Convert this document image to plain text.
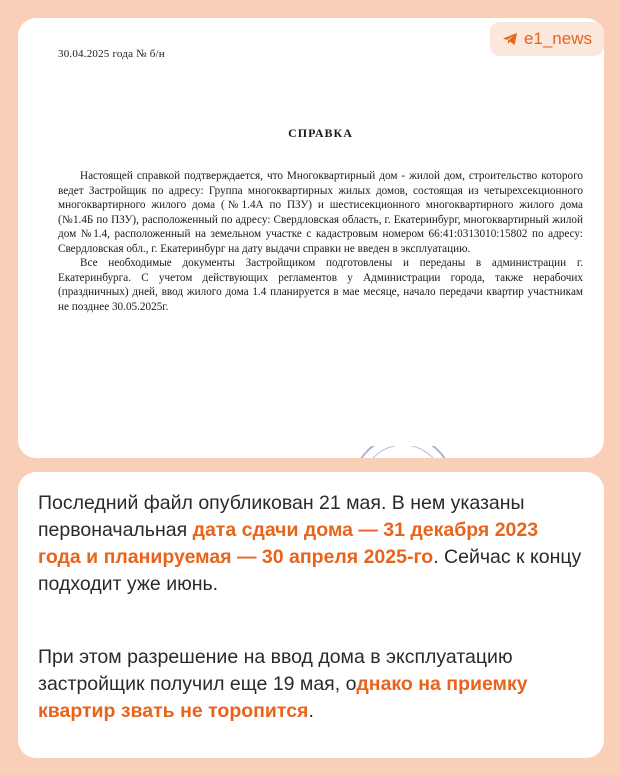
30.04.2025 года № б/н
СПРАВКА

Настоящей справкой подтверждается, что Многоквартирный дом - жилой дом, строительство которого ведет Застройщик по адресу: Группа многоквартирных жилых домов, состоящая из четырехсекционного многоквартирного жилого дома (№1.4А по ПЗУ) и шестисекционного многоквартирного жилого дома (№1.4Б по ПЗУ), расположенный по адресу: Свердловская область, г. Екатеринбург, многоквартирный жилой дом №1.4, расположенный на земельном участке с кадастровым номером 66:41:0313010:15802 по адресу: Свердловская обл., г. Екатеринбург на дату выдачи справки не введен в эксплуатацию.

Все необходимые документы Застройщиком подготовлены и переданы в администрации г. Екатеринбурга. С учетом действующих регламентов у Администрации города, также нерабочих (праздничных) дней, ввод жилого дома 1.4 планируется в мае месяце, начало передачи квартир участникам не позднее 30.05.2025г.

e1_news
Последний файл опубликован 21 мая. В нем указаны первоначальная дата сдачи дома — 31 декабря 2023 года и планируемая — 30 апреля 2025-го. Сейчас к концу подходит уже июнь.
При этом разрешение на ввод дома в эксплуатацию застройщик получил еще 19 мая, однако на приемку квартир звать не торопится.
